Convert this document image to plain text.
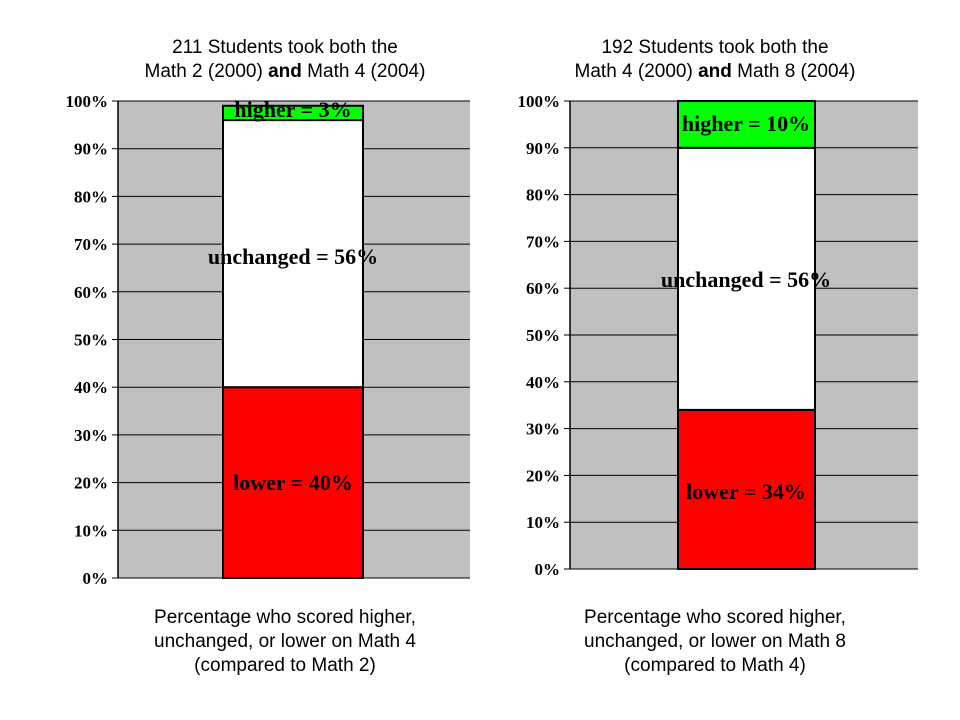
211 Students took both the
Math 2 (2000) and Math 4 (2004)
Percentage who scored higher,
unchanged, or lower on Math 4
(compared to Math 2)
192 Students took both the
Math 4 (2000) and Math 8 (2004)
Percentage who scored higher,
unchanged, or lower on Math 8
(compared to Math 4)
0%
10%
20%
30%
40%
50%
60%
70%
80%
90%
100%
lower = 40%
unchanged = 56%
higher = 3%
0%
10%
20%
30%
40%
50%
60%
70%
80%
90%
100%
lower = 34%
unchanged = 56%
higher = 10%
